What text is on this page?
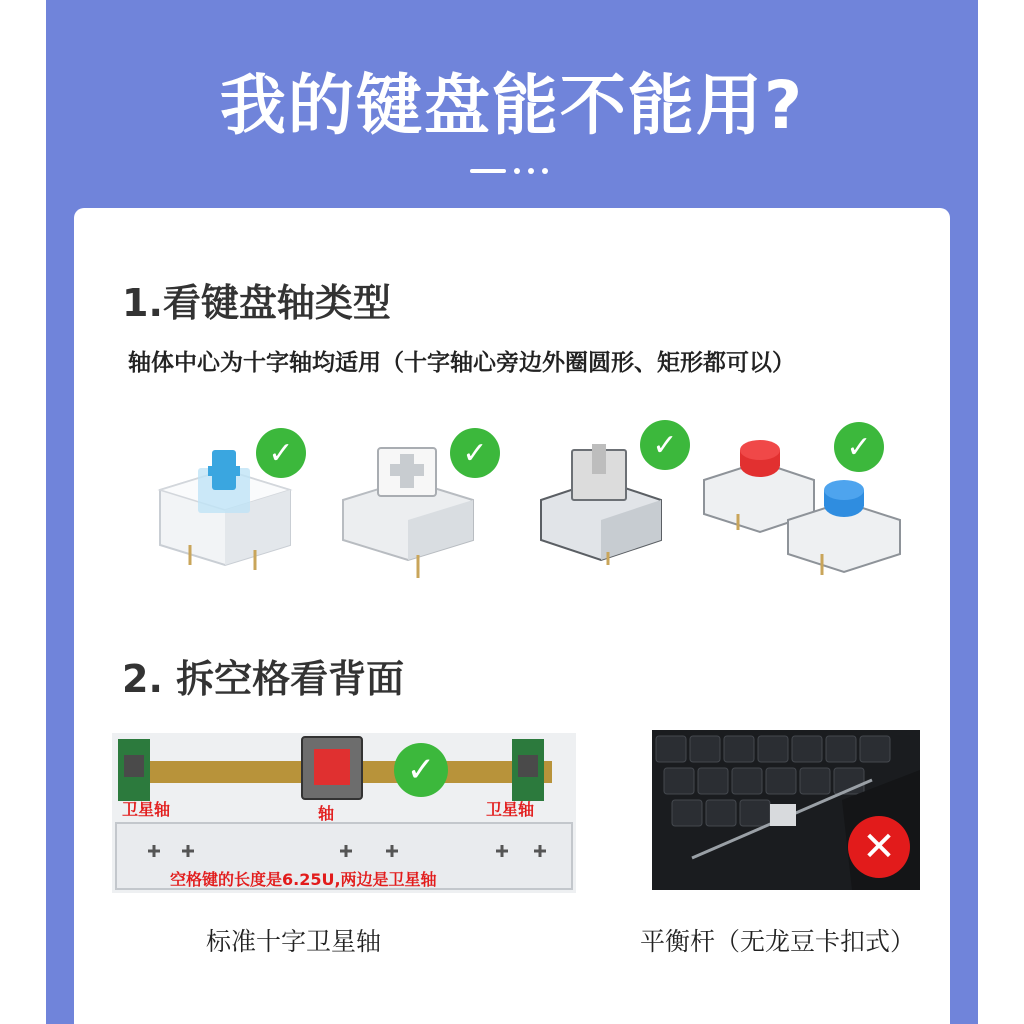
我的键盘能不能用?
1.看键盘轴类型
轴体中心为十字轴均适用（十字轴心旁边外圈圆形、矩形都可以）
✓	✓	✓	✓
2. 拆空格看背面
✓
卫星轴	轴	卫星轴
空格键的长度是6.25U,两边是卫星轴
✕
标准十字卫星轴	平衡杆（无龙豆卡扣式）
